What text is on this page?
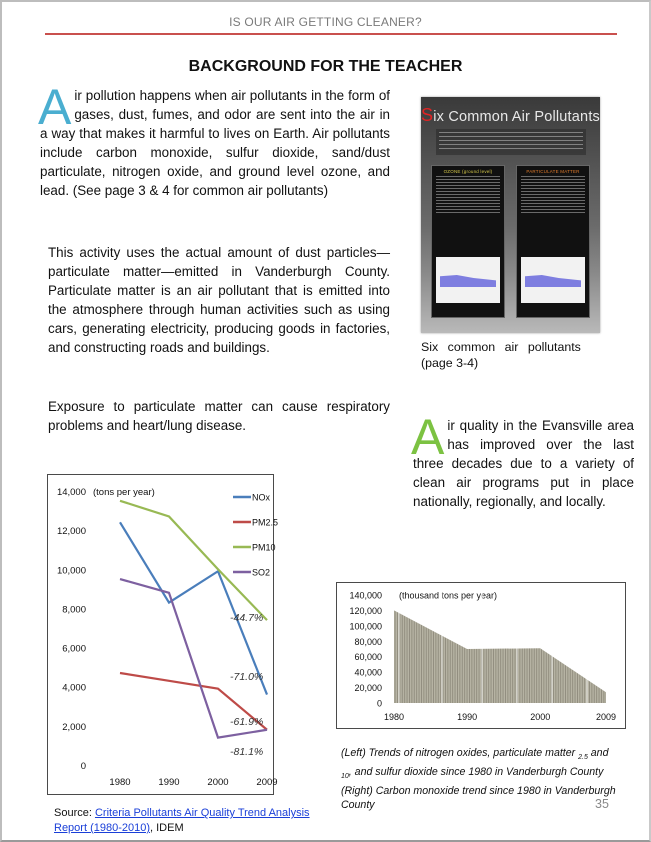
IS OUR AIR GETTING CLEANER?
BACKGROUND FOR THE TEACHER
Air pollution happens when air pollutants in the form of gases, dust, fumes, and odor are sent into the air in a way that makes it harmful to lives on Earth. Air pollutants include carbon monoxide, sulfur dioxide, sand/dust particulate, nitrogen oxide, and ground level ozone, and lead. (See page 3 & 4 for common air pollutants)
This activity uses the actual amount of dust particles—particulate matter—emitted in Vanderburgh County. Particulate matter is an air pollutant that is emitted into the atmosphere through human activities such as using cars, generating electricity, producing goods in factories, and constructing roads and buildings.
Exposure to particulate matter can cause respiratory problems and heart/lung disease.	Air quality in the Evansville area has improved over the last three decades due to a variety of clean air programs put in place nationally, regionally, and locally.
Six Common Air Pollutants
OZONE (ground level)	PARTICULATE MATTER
Six common air pollutants
(page 3-4)
0
2,000
4,000
6,000
8,000
10,000
12,000
14,000 (tons per year)
1980	1990	2000	2009
NOx
PM2.5
PM10
SO2
-71.0%
-61.9%
-44.7%
-81.1%
0
20,000
40,000
60,000
80,000
100,000
120,000
140,000 (thousand tons per year)
1980	1990	2000	2009
(Left) Trends of nitrogen oxides, particulate matter $_{2.5}$ and $_{10}$, and sulfur dioxide since 1980 in Vanderburgh County
(Right) Carbon monoxide trend since 1980 in Vanderburgh County	35
Source: Criteria Pollutants Air Quality Trend Analysis Report (1980-2010), IDEM
